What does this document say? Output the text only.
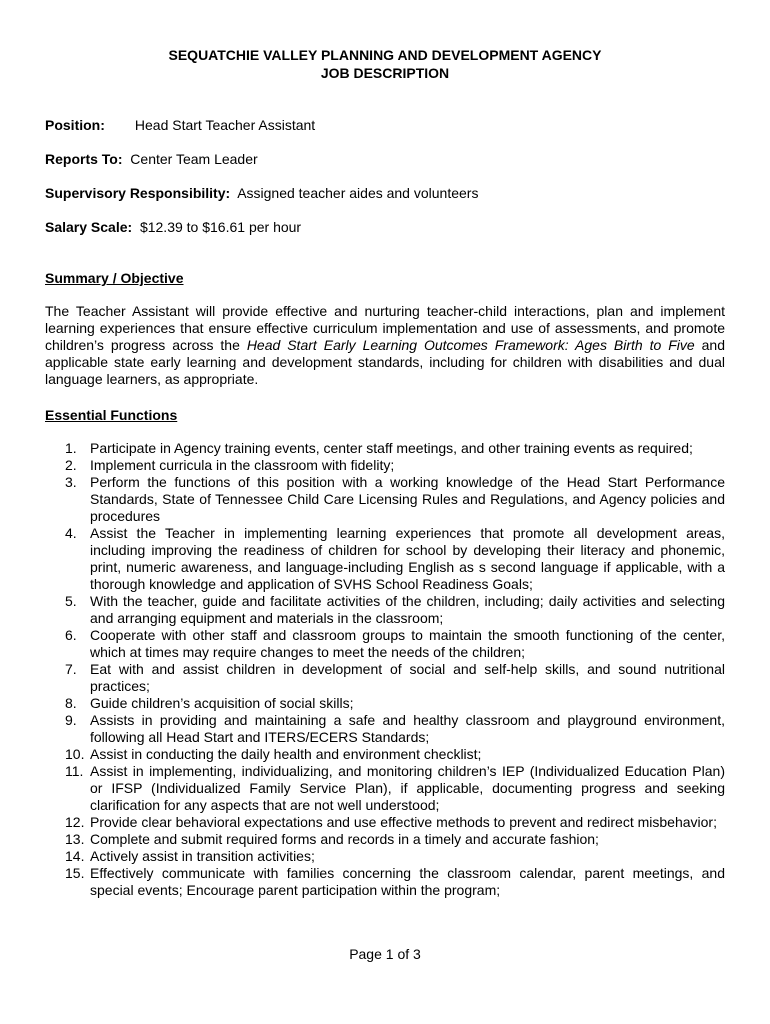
SEQUATCHIE VALLEY PLANNING AND DEVELOPMENT AGENCY
JOB DESCRIPTION
Position: Head Start Teacher Assistant
Reports To: Center Team Leader
Supervisory Responsibility: Assigned teacher aides and volunteers
Salary Scale: $12.39 to $16.61 per hour
Summary / Objective
The Teacher Assistant will provide effective and nurturing teacher-child interactions, plan and implement learning experiences that ensure effective curriculum implementation and use of assessments, and promote children’s progress across the Head Start Early Learning Outcomes Framework: Ages Birth to Five and applicable state early learning and development standards, including for children with disabilities and dual language learners, as appropriate.
Essential Functions
1. Participate in Agency training events, center staff meetings, and other training events as required;
2. Implement curricula in the classroom with fidelity;
3. Perform the functions of this position with a working knowledge of the Head Start Performance Standards, State of Tennessee Child Care Licensing Rules and Regulations, and Agency policies and procedures
4. Assist the Teacher in implementing learning experiences that promote all development areas, including improving the readiness of children for school by developing their literacy and phonemic, print, numeric awareness, and language-including English as s second language if applicable, with a thorough knowledge and application of SVHS School Readiness Goals;
5. With the teacher, guide and facilitate activities of the children, including; daily activities and selecting and arranging equipment and materials in the classroom;
6. Cooperate with other staff and classroom groups to maintain the smooth functioning of the center, which at times may require changes to meet the needs of the children;
7. Eat with and assist children in development of social and self-help skills, and sound nutritional practices;
8. Guide children’s acquisition of social skills;
9. Assists in providing and maintaining a safe and healthy classroom and playground environment, following all Head Start and ITERS/ECERS Standards;
10. Assist in conducting the daily health and environment checklist;
11. Assist in implementing, individualizing, and monitoring children’s IEP (Individualized Education Plan) or IFSP (Individualized Family Service Plan), if applicable, documenting progress and seeking clarification for any aspects that are not well understood;
12. Provide clear behavioral expectations and use effective methods to prevent and redirect misbehavior;
13. Complete and submit required forms and records in a timely and accurate fashion;
14. Actively assist in transition activities;
15. Effectively communicate with families concerning the classroom calendar, parent meetings, and special events; Encourage parent participation within the program;
Page 1 of 3
